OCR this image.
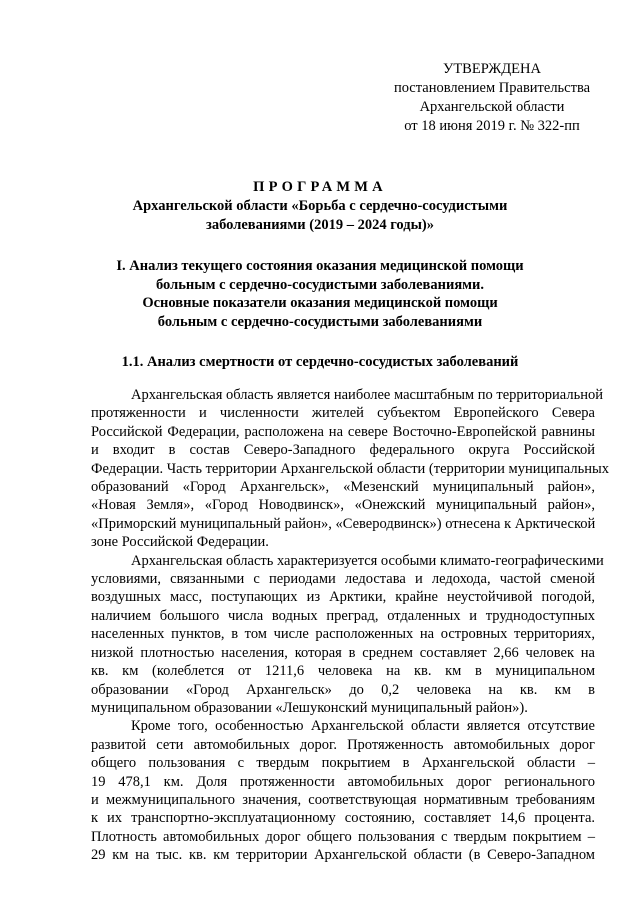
УТВЕРЖДЕНА
постановлением Правительства
Архангельской области
от 18 июня 2019 г. № 322-пп
ПРОГРАММА
Архангельской области «Борьба с сердечно-сосудистыми
заболеваниями (2019 – 2024 годы)»
I. Анализ текущего состояния оказания медицинской помощи
больным с сердечно-сосудистыми заболеваниями.
Основные показатели оказания медицинской помощи
больным с сердечно-сосудистыми заболеваниями
1.1. Анализ смертности от сердечно-сосудистых заболеваний
Архангельская область является наиболее масштабным по территориальной
протяженности и численности жителей субъектом Европейского Севера
Российской Федерации, расположена на севере Восточно-Европейской равнины
и входит в состав Северо-Западного федерального округа Российской
Федерации. Часть территории Архангельской области (территории муниципальных
образований «Город Архангельск», «Мезенский муниципальный район»,
«Новая Земля», «Город Новодвинск», «Онежский муниципальный район»,
«Приморский муниципальный район», «Северодвинск») отнесена к Арктической
зоне Российской Федерации.
Архангельская область характеризуется особыми климато-географическими
условиями, связанными с периодами ледостава и ледохода, частой сменой
воздушных масс, поступающих из Арктики, крайне неустойчивой погодой,
наличием большого числа водных преград, отдаленных и труднодоступных
населенных пунктов, в том числе расположенных на островных территориях,
низкой плотностью населения, которая в среднем составляет 2,66 человек на
кв. км (колеблется от 1211,6 человека на кв. км в муниципальном
образовании «Город Архангельск» до 0,2 человека на кв. км в
муниципальном образовании «Лешуконский муниципальный район»).
Кроме того, особенностью Архангельской области является отсутствие
развитой сети автомобильных дорог. Протяженность автомобильных дорог
общего пользования с твердым покрытием в Архангельской области –
19 478,1 км. Доля протяженности автомобильных дорог регионального
и межмуниципального значения, соответствующая нормативным требованиям
к их транспортно-эксплуатационному состоянию, составляет 14,6 процента.
Плотность автомобильных дорог общего пользования с твердым покрытием –
29 км на тыс. кв. км территории Архангельской области (в Северо-Западном
